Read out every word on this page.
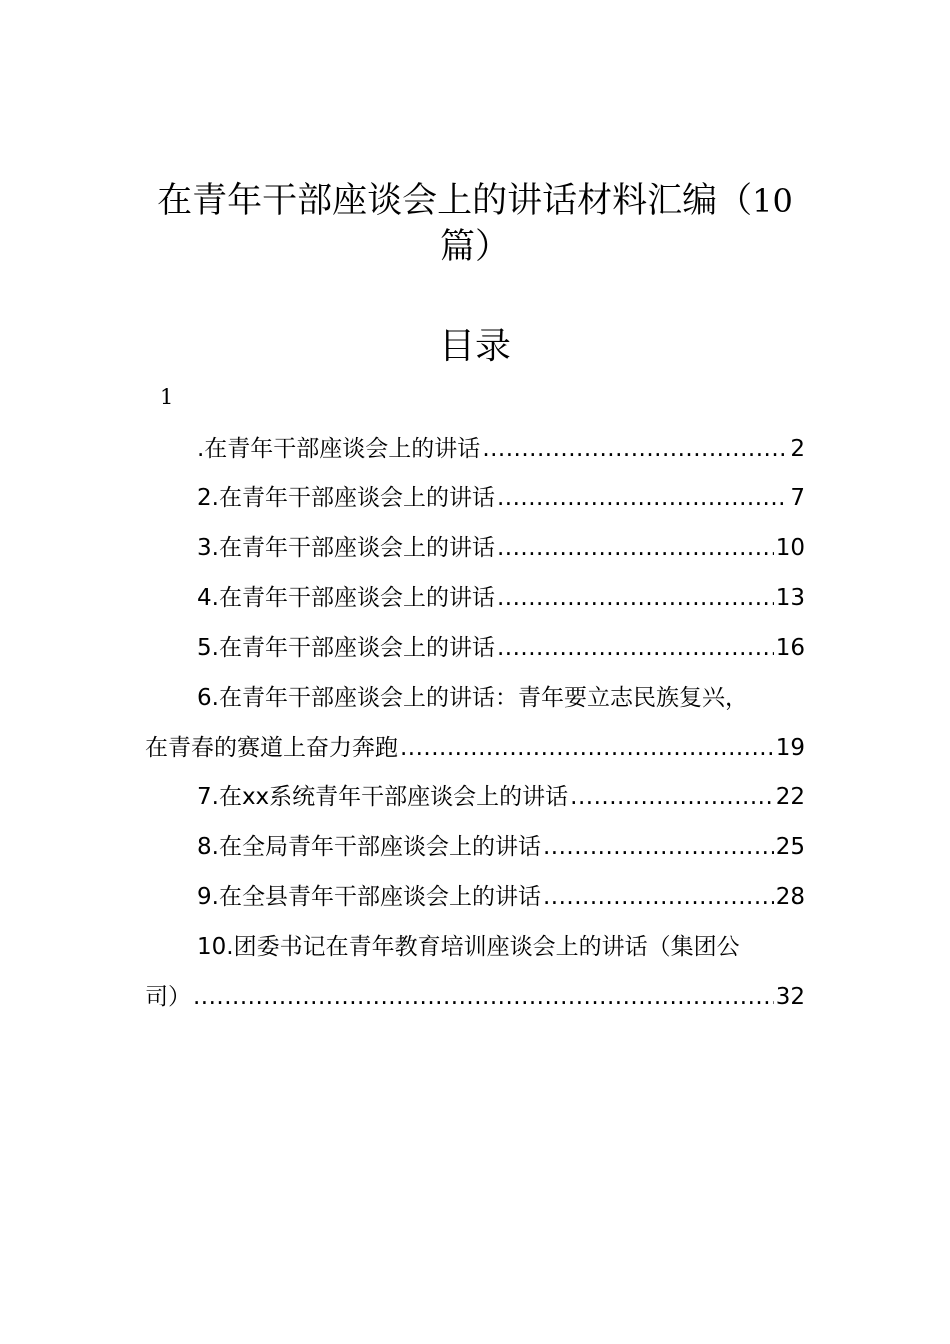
在青年干部座谈会上的讲话材料汇编（10
篇）
目录
1
.在青年干部座谈会上的讲话 .....	2
2.在青年干部座谈会上的讲话 .....	7
3.在青年干部座谈会上的讲话 .....	10
4.在青年干部座谈会上的讲话 .....	13
5.在青年干部座谈会上的讲话 .....	16
6.在青年干部座谈会上的讲话：青年要立志民族复兴，
在青春的赛道上奋力奔跑 .....	19
7.在xx系统青年干部座谈会上的讲话 .....	22
8.在全局青年干部座谈会上的讲话 .....	25
9.在全县青年干部座谈会上的讲话 .....	28
10.团委书记在青年教育培训座谈会上的讲话（集团公
司） .....	32
